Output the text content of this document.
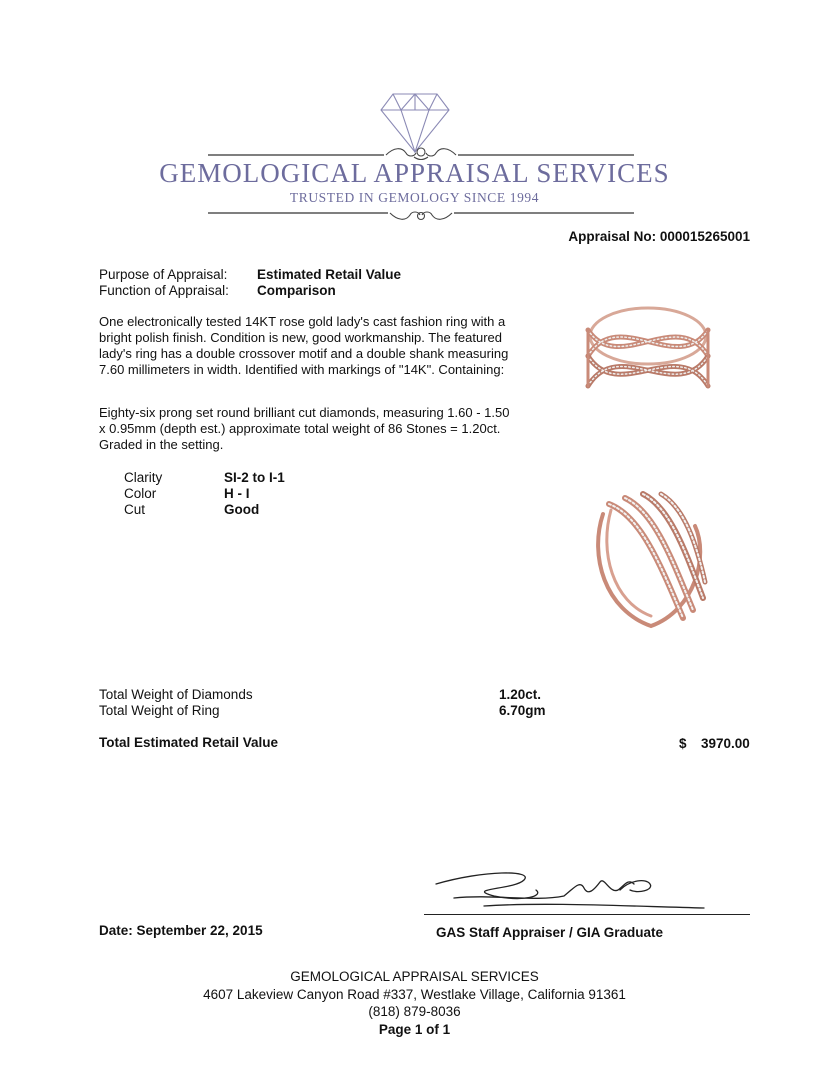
GEMOLOGICAL APPRAISAL SERVICES
TRUSTED IN GEMOLOGY SINCE 1994
Appraisal No: 000015265001
Purpose of Appraisal: Estimated Retail Value
Function of Appraisal: Comparison
One electronically tested 14KT rose gold lady's cast fashion ring with a bright polish finish. Condition is new, good workmanship. The featured lady's ring has a double crossover motif and a double shank measuring 7.60 millimeters in width. Identified with markings of "14K". Containing:
Eighty-six prong set round brilliant cut diamonds, measuring 1.60 - 1.50 x 0.95mm (depth est.) approximate total weight of 86 Stones = 1.20ct. Graded in the setting.
Clarity	SI-2 to I-1
Color	H - I
Cut	Good
Total Weight of Diamonds	1.20ct.
Total Weight of Ring	6.70gm
Total Estimated Retail Value	$ 3970.00
Date: September 22, 2015	GAS Staff Appraiser / GIA Graduate
GEMOLOGICAL APPRAISAL SERVICES
4607 Lakeview Canyon Road #337, Westlake Village, California 91361
(818) 879-8036
Page 1 of 1
